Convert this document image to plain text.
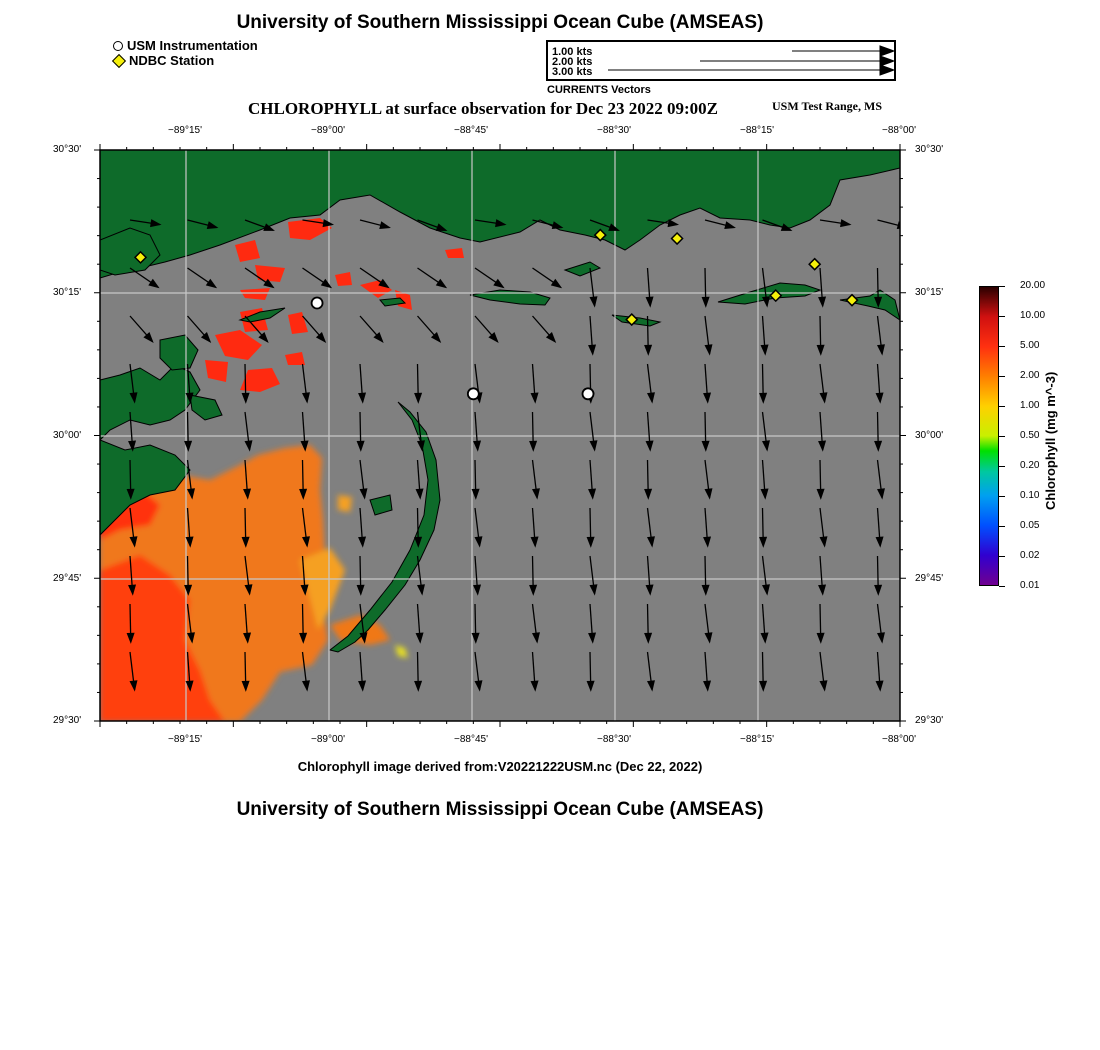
University of Southern Mississippi Ocean Cube (AMSEAS)
USM Instrumentation
NDBC Station
1.00 kts
2.00 kts
3.00 kts
CURRENTS Vectors
CHLOROPHYLL at surface observation for Dec 23 2022 09:00Z	USM Test Range, MS
−89°15'	−89°00'	−88°45'	−88°30'	−88°15'	−88°00'
−89°15'	−89°00'	−88°45'	−88°30'	−88°15'	−88°00'
30°30'
30°15'
30°00'
29°45'
29°30'
30°30'
30°15'
30°00'
29°45'
29°30'
20.00
10.00
5.00
2.00
1.00
0.50
0.20
0.10
0.05
0.02
0.01
Chlorophyll (mg m^-3)
Chlorophyll image derived from:V20221222USM.nc (Dec 22, 2022)
University of Southern Mississippi Ocean Cube (AMSEAS)
